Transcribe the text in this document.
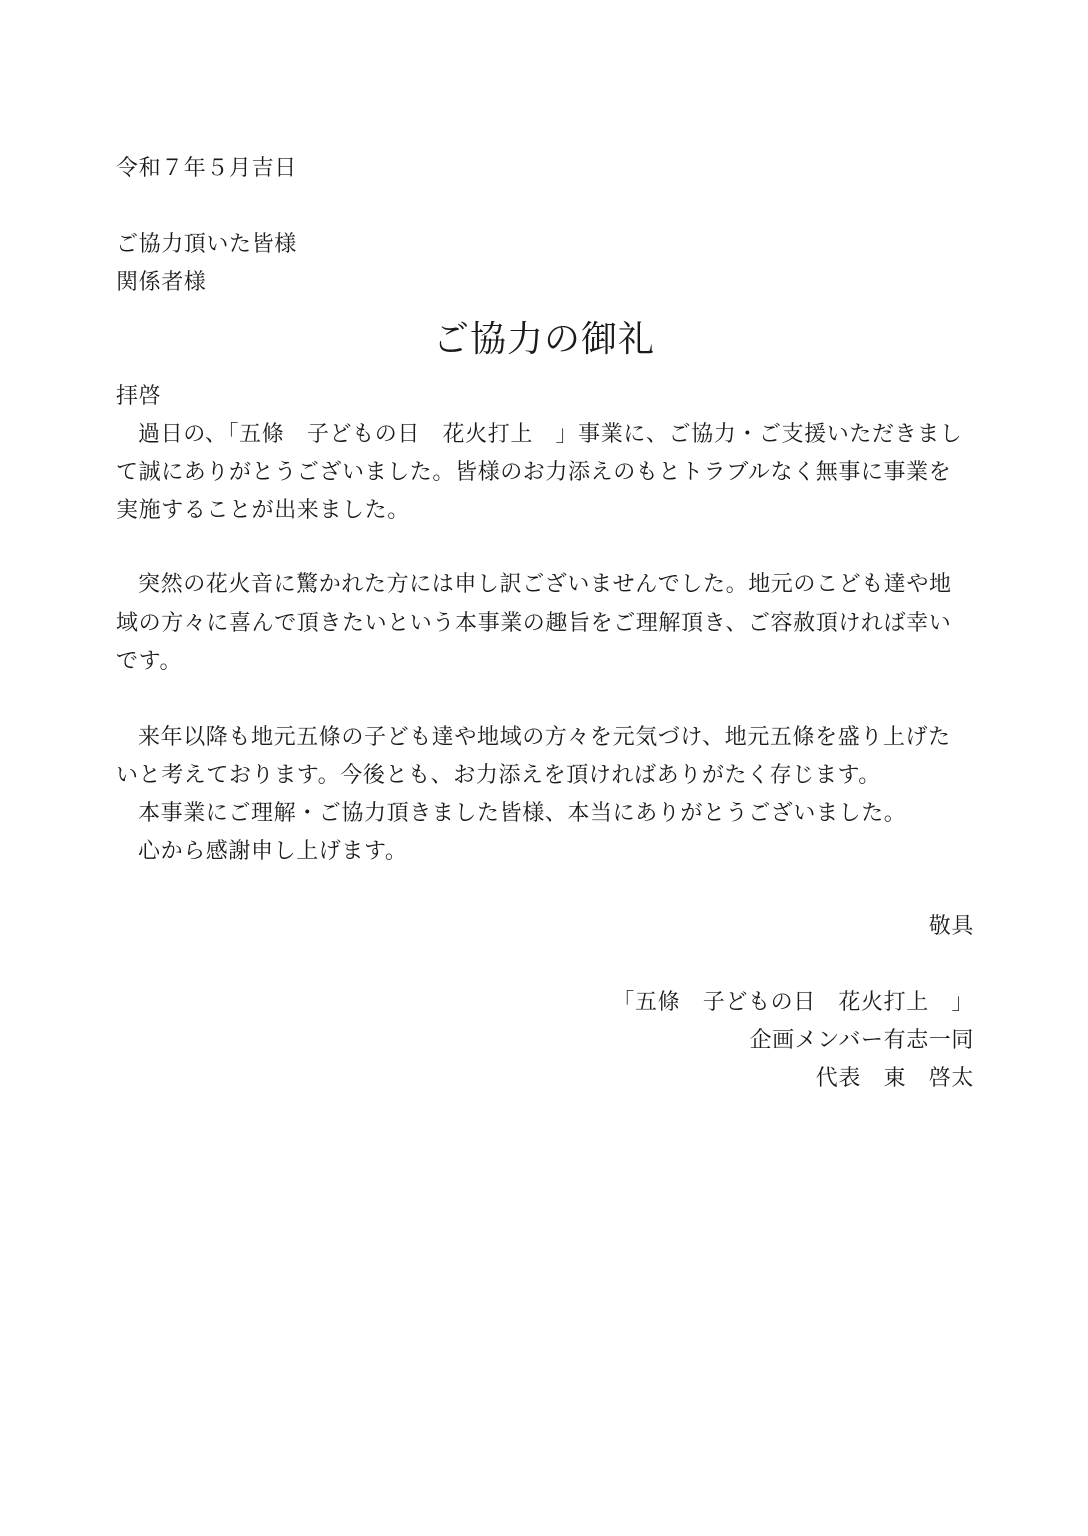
令和７年５月吉日
ご協力頂いた皆様
関係者様
ご協力の御礼
拝啓
過日の、「五條　子どもの日　花火打上　」事業に、ご協力・ご支援いただきまし
て誠にありがとうございました。皆様のお力添えのもとトラブルなく無事に事業を
実施することが出来ました。
突然の花火音に驚かれた方には申し訳ございませんでした。地元のこども達や地
域の方々に喜んで頂きたいという本事業の趣旨をご理解頂き、ご容赦頂ければ幸い
です。
来年以降も地元五條の子ども達や地域の方々を元気づけ、地元五條を盛り上げた
いと考えております。今後とも、お力添えを頂ければありがたく存じます。
本事業にご理解・ご協力頂きました皆様、本当にありがとうございました。
心から感謝申し上げます。
敬具
「五條　子どもの日　花火打上　」
企画メンバー有志一同
代表　東　啓太
